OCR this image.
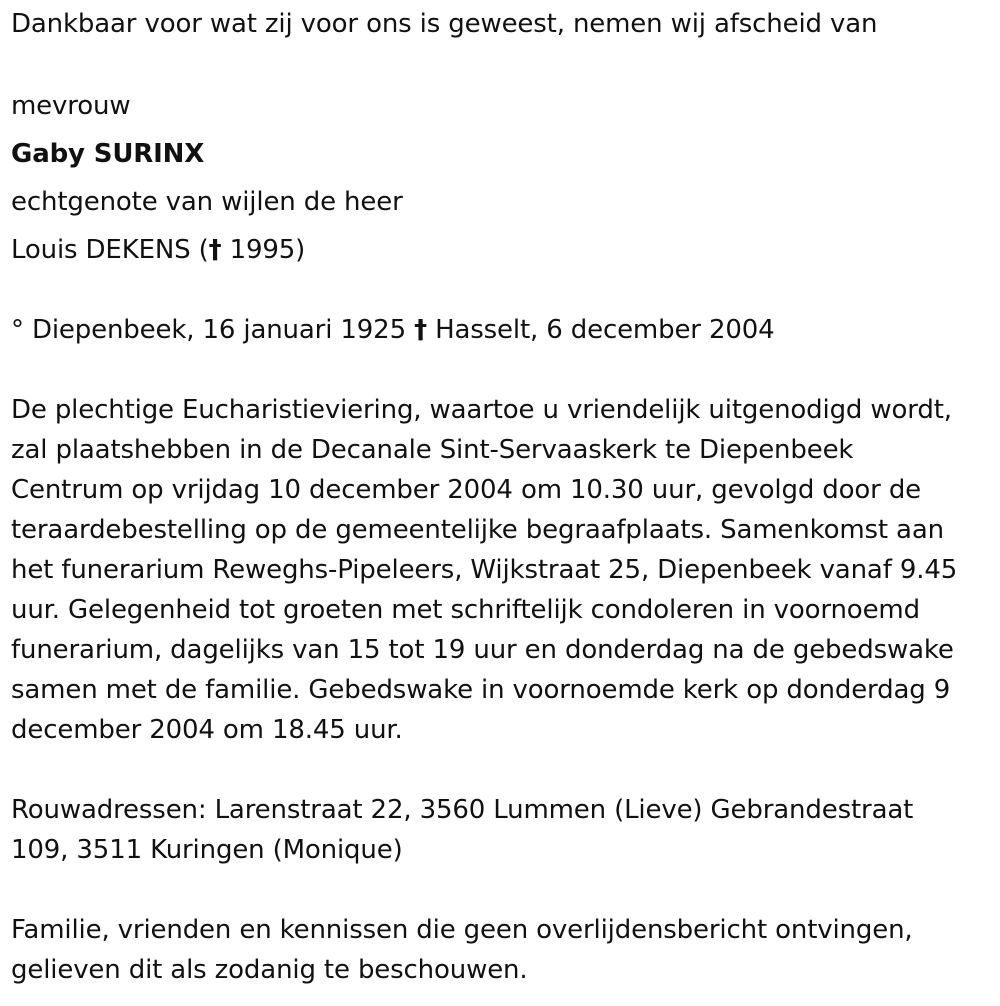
Dankbaar voor wat zij voor ons is geweest, nemen wij afscheid van
mevrouw
Gaby SURINX
echtgenote van wijlen de heer
Louis DEKENS († 1995)
° Diepenbeek, 16 januari 1925 † Hasselt, 6 december 2004
De plechtige Eucharistieviering, waartoe u vriendelijk uitgenodigd wordt,
zal plaatshebben in de Decanale Sint-Servaaskerk te Diepenbeek
Centrum op vrijdag 10 december 2004 om 10.30 uur, gevolgd door de
teraardebestelling op de gemeentelijke begraafplaats. Samenkomst aan
het funerarium Reweghs-Pipeleers, Wijkstraat 25, Diepenbeek vanaf 9.45
uur. Gelegenheid tot groeten met schriftelijk condoleren in voornoemd
funerarium, dagelijks van 15 tot 19 uur en donderdag na de gebedswake
samen met de familie. Gebedswake in voornoemde kerk op donderdag 9
december 2004 om 18.45 uur.
Rouwadressen: Larenstraat 22, 3560 Lummen (Lieve) Gebrandestraat
109, 3511 Kuringen (Monique)
Familie, vrienden en kennissen die geen overlijdensbericht ontvingen,
gelieven dit als zodanig te beschouwen.
